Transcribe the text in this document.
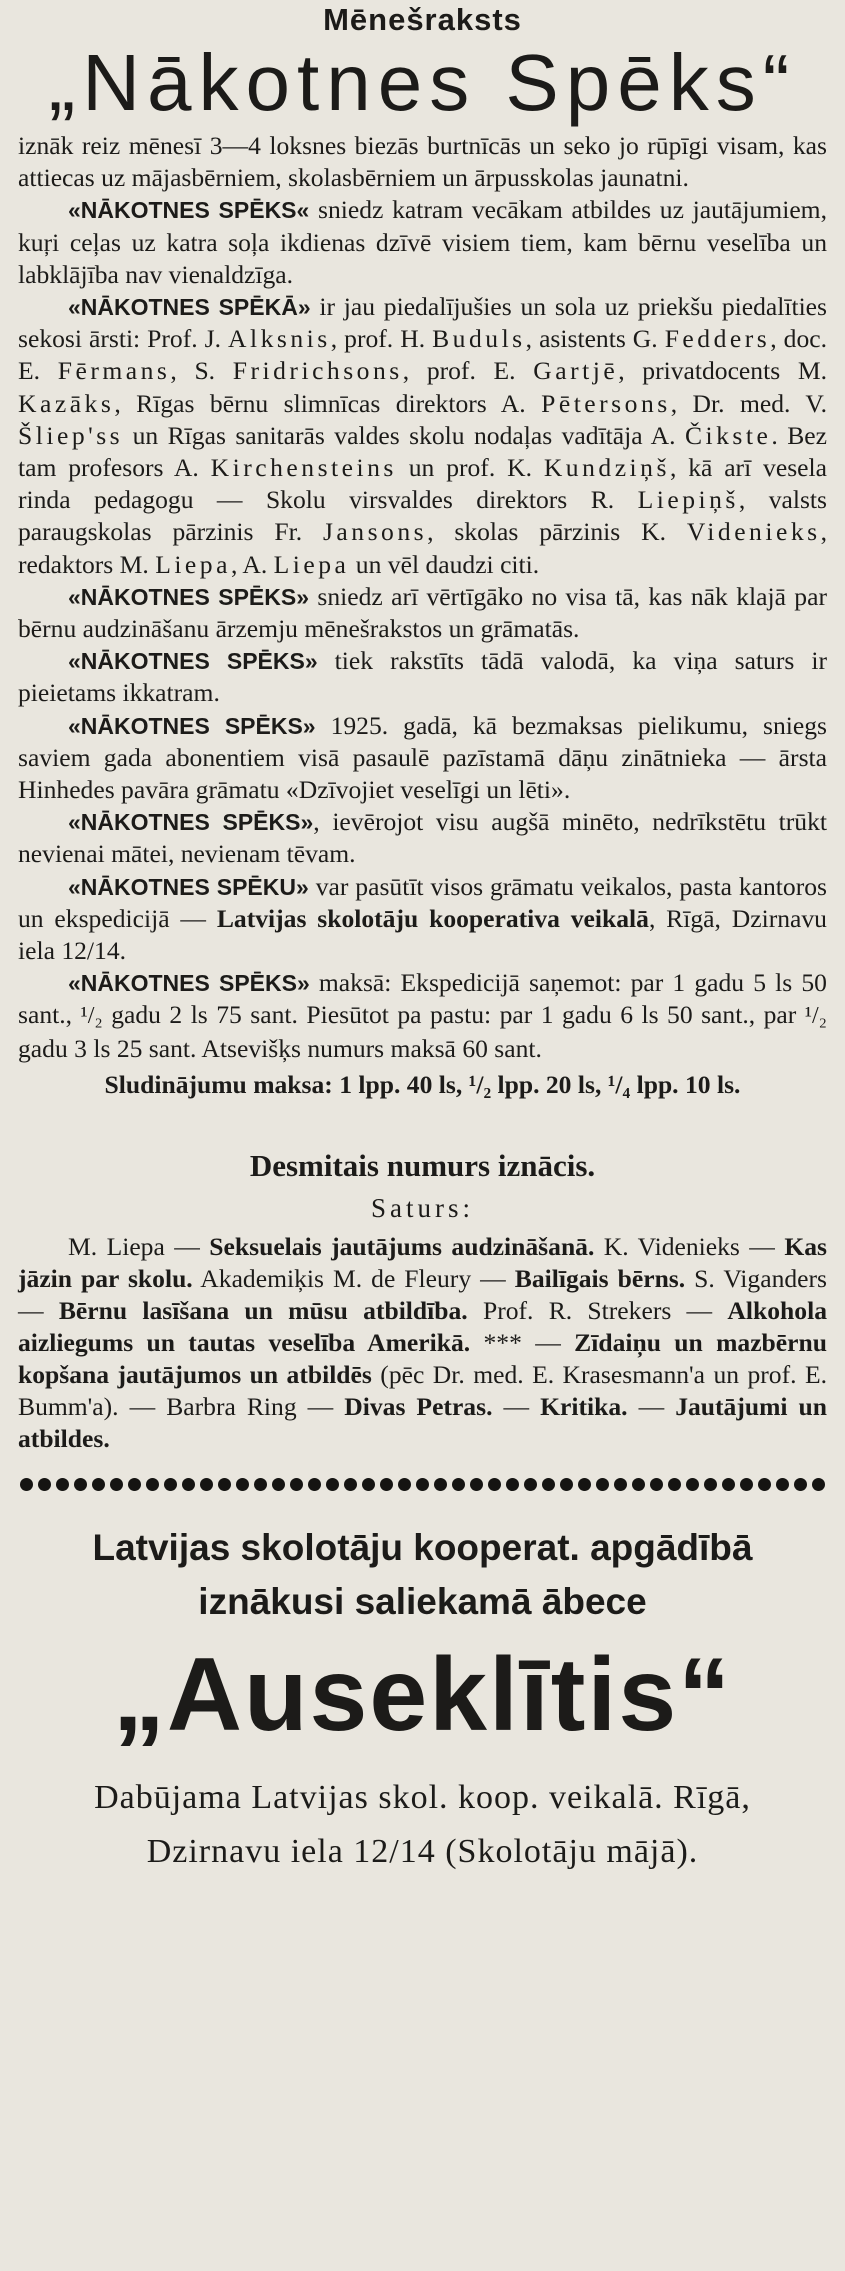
Mēnešraksts
„Nākotnes Spēks“

iznāk reiz mēnesī 3—4 loksnes biezās burtnīcās un seko jo rūpīgi visam, kas attiecas uz mājasbērniem, skolasbērniem un ārpusskolas jaunatni.

«NĀKOTNES SPĒKS« sniedz katram vecākam atbildes uz jautājumiem, kuŗi ceļas uz katra soļa ikdienas dzīvē visiem tiem, kam bērnu veselība un labklājība nav vienaldzīga.

«NĀKOTNES SPĒKĀ» ir jau piedalījušies un sola uz priekšu piedalīties sekosi ārsti: Prof. J. Alksnis, prof. H. Buduls, asistents G. Fedders, doc. E. Fērmans, S. Fridrichsons, prof. E. Gartjē, privatdocents M. Kazāks, Rīgas bērnu slimnīcas direktors A. Pētersons, Dr. med. V. Šliep'ss un Rīgas sanitarās valdes skolu nodaļas vadītāja A. Čikste. Bez tam profesors A. Kirchensteins un prof. K. Kundziņš, kā arī vesela rinda pedagogu — Skolu virsvaldes direktors R. Liepiņš, valsts paraugskolas pārzinis Fr. Jansons, skolas pārzinis K. Videnieks, redaktors M. Liepa, A. Liepa un vēl daudzi citi.

«NĀKOTNES SPĒKS» sniedz arī vērtīgāko no visa tā, kas nāk klajā par bērnu audzināšanu ārzemju mēnešrakstos un grāmatās.

«NĀKOTNES SPĒKS» tiek rakstīts tādā valodā, ka viņa saturs ir pieietams ikkatram.

«NĀKOTNES SPĒKS» 1925. gadā, kā bezmaksas pielikumu, sniegs saviem gada abonentiem visā pasaulē pazīstamā dāņu zinātnieka — ārsta Hinhedes pavāra grāmatu «Dzīvojiet veselīgi un lēti».

«NĀKOTNES SPĒKS», ievērojot visu augšā minēto, nedrīkstētu trūkt nevienai mātei, nevienam tēvam.

«NĀKOTNES SPĒKU» var pasūtīt visos grāmatu veikalos, pasta kantoros un ekspedicijā — Latvijas skolotāju kooperativa veikalā, Rīgā, Dzirnavu iela 12/14.

«NĀKOTNES SPĒKS» maksā: Ekspedicijā saņemot: par 1 gadu 5 ls 50 sant., ¹/₂ gadu 2 ls 75 sant. Piesūtot pa pastu: par 1 gadu 6 ls 50 sant., par ¹/₂ gadu 3 ls 25 sant. Atsevišķs numurs maksā 60 sant.

Sludinājumu maksa: 1 lpp. 40 ls, ¹/₂ lpp. 20 ls, ¹/₄ lpp. 10 ls.
Desmitais numurs iznācis.
Saturs:

M. Liepa — Seksuelais jautājums audzināšanā. K. Videnieks — Kas jāzin par skolu. Akademiķis M. de Fleury — Bailīgais bērns. S. Viganders — Bērnu lasīšana un mūsu atbildība. Prof. R. Strekers — Alkohola aizliegums un tautas veselība Amerikā. *** — Zīdaiņu un mazbērnu kopšana jautājumos un atbildēs (pēc Dr. med. E. Krasesmann'a un prof. E. Bumm'a). — Barbra Ring — Divas Petras. — Kritika. — Jautājumi un atbildes.

Latvijas skolotāju kooperat. apgādībā
iznākusi saliekamā ābece
„Auseklītis“
Dabūjama Latvijas skol. koop. veikalā. Rīgā,
Dzirnavu iela 12/14 (Skolotāju mājā).
